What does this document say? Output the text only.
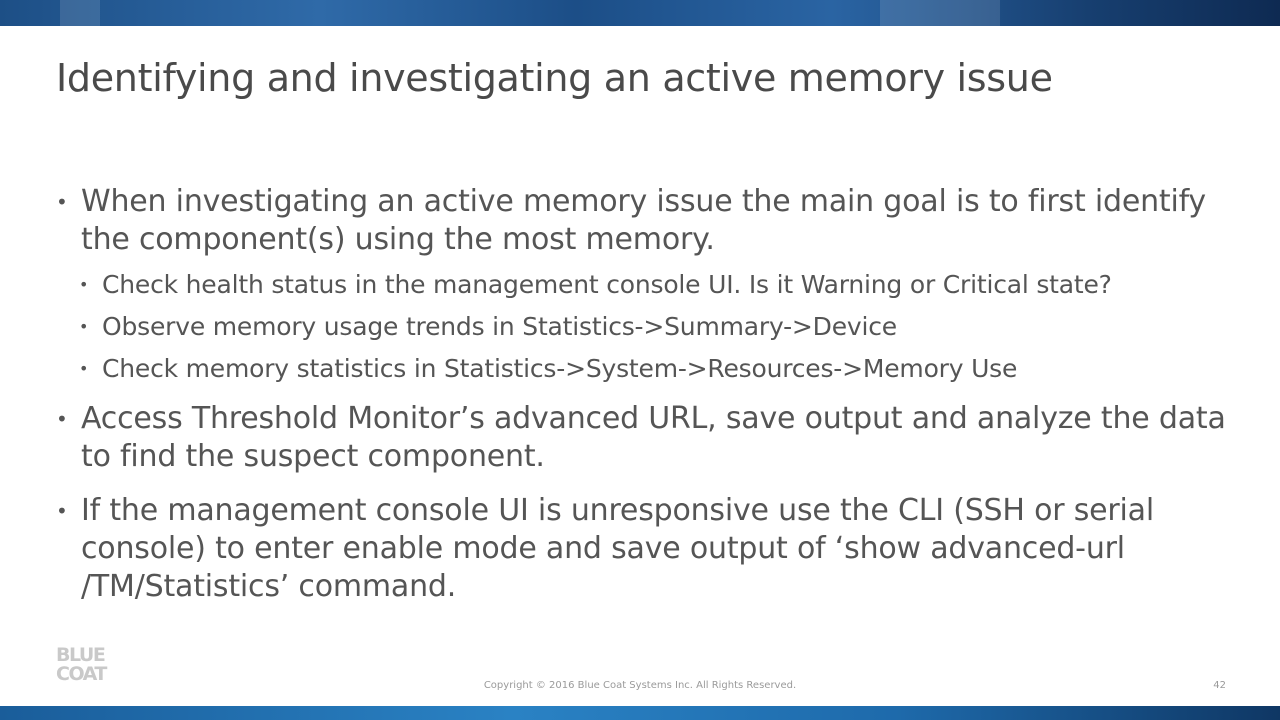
Identifying and investigating an active memory issue
• When investigating an active memory issue the main goal is to first identify the component(s) using the most memory.
• Check health status in the management console UI. Is it Warning or Critical state?
• Observe memory usage trends in Statistics->Summary->Device
• Check memory statistics in Statistics->System->Resources->Memory Use
• Access Threshold Monitor’s advanced URL, save output and analyze the data to find the suspect component.
• If the management console UI is unresponsive use the CLI (SSH or serial console) to enter enable mode and save output of ‘show advanced-url /TM/Statistics’ command.
BLUE
COAT
Copyright © 2016 Blue Coat Systems Inc. All Rights Reserved.	42
